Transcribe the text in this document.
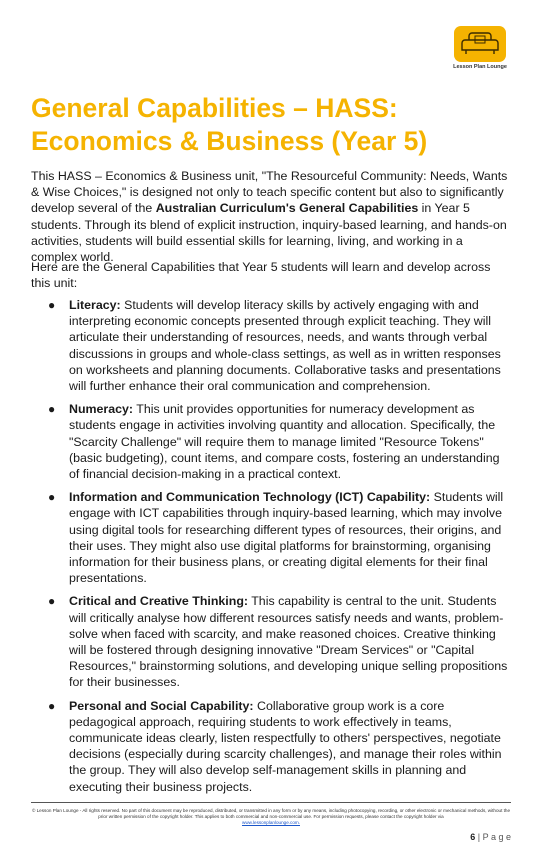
Lesson Plan Lounge
General Capabilities – HASS: Economics & Business (Year 5)

This HASS – Economics & Business unit, "The Resourceful Community: Needs, Wants & Wise Choices," is designed not only to teach specific content but also to significantly develop several of the Australian Curriculum's General Capabilities in Year 5 students. Through its blend of explicit instruction, inquiry-based learning, and hands-on activities, students will build essential skills for learning, living, and working in a complex world.

Here are the General Capabilities that Year 5 students will learn and develop across this unit:

● Literacy: Students will develop literacy skills by actively engaging with and interpreting economic concepts presented through explicit teaching. They will articulate their understanding of resources, needs, and wants through verbal discussions in groups and whole-class settings, as well as in written responses on worksheets and planning documents. Collaborative tasks and presentations will further enhance their oral communication and comprehension.
● Numeracy: This unit provides opportunities for numeracy development as students engage in activities involving quantity and allocation. Specifically, the "Scarcity Challenge" will require them to manage limited "Resource Tokens" (basic budgeting), count items, and compare costs, fostering an understanding of financial decision-making in a practical context.
● Information and Communication Technology (ICT) Capability: Students will engage with ICT capabilities through inquiry-based learning, which may involve using digital tools for researching different types of resources, their origins, and their uses. They might also use digital platforms for brainstorming, organising information for their business plans, or creating digital elements for their final presentations.
● Critical and Creative Thinking: This capability is central to the unit. Students will critically analyse how different resources satisfy needs and wants, problem-solve when faced with scarcity, and make reasoned choices. Creative thinking will be fostered through designing innovative "Dream Services" or "Capital Resources," brainstorming solutions, and developing unique selling propositions for their businesses.
● Personal and Social Capability: Collaborative group work is a core pedagogical approach, requiring students to work effectively in teams, communicate ideas clearly, listen respectfully to others' perspectives, negotiate decisions (especially during scarcity challenges), and manage their roles within the group. They will also develop self-management skills in planning and executing their business projects.
© Lesson Plan Lounge - All rights reserved. No part of this document may be reproduced, distributed, or transmitted in any form or by any means, including photocopying, recording, or other electronic or mechanical methods, without the prior written permission of the copyright holder. This applies to both commercial and non-commercial use. For permission requests, please contact the copyright holder via
www.lessonplanlounge.com.
6 | P a g e
